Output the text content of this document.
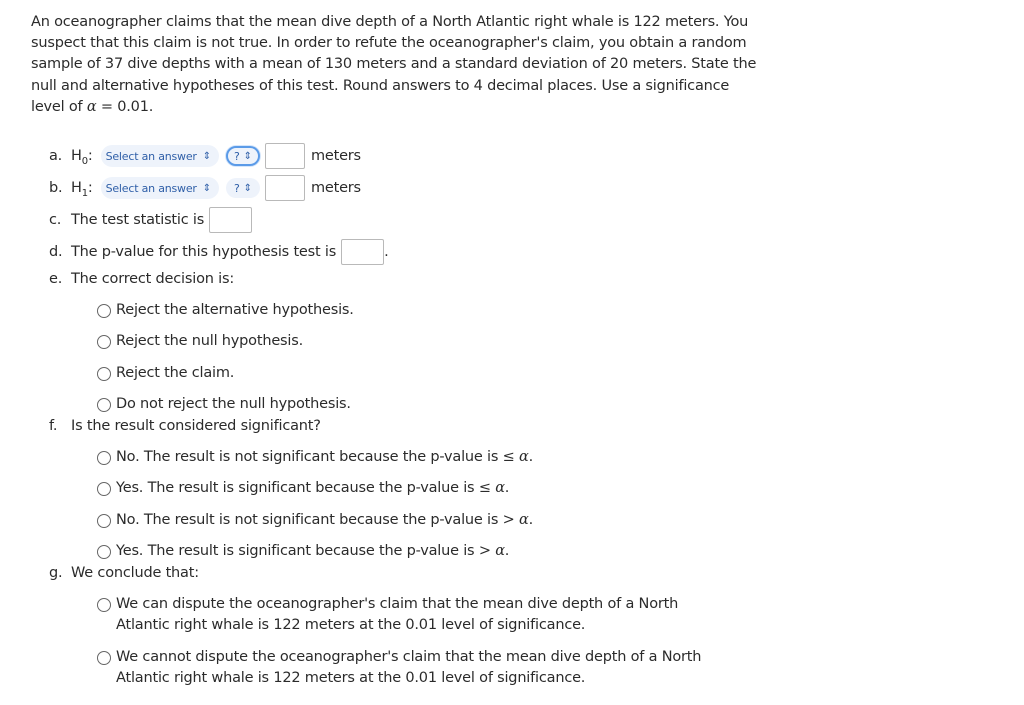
An oceanographer claims that the mean dive depth of a North Atlantic right whale is 122 meters. You suspect that this claim is not true. In order to refute the oceanographer's claim, you obtain a random sample of 37 dive depths with a mean of 130 meters and a standard deviation of 20 meters. State the null and alternative hypotheses of this test. Round answers to 4 decimal places. Use a significance level of α = 0.01.
a. $H_0$: Select an answer ⇕ ? ⇕	meters
b. $H_1$: Select an answer ⇕ ? ⇕	meters
c. The test statistic is
d. The p-value for this hypothesis test is	.
e. The correct decision is:
Reject the alternative hypothesis.
Reject the null hypothesis.
Reject the claim.
Do not reject the null hypothesis.
f. Is the result considered significant?
No. The result is not significant because the p-value is ≤ α.
Yes. The result is significant because the p-value is ≤ α.
No. The result is not significant because the p-value is > α.
Yes. The result is significant because the p-value is > α.
g. We conclude that:
We can dispute the oceanographer's claim that the mean dive depth of a North Atlantic right whale is 122 meters at the 0.01 level of significance.
We cannot dispute the oceanographer's claim that the mean dive depth of a North Atlantic right whale is 122 meters at the 0.01 level of significance.
